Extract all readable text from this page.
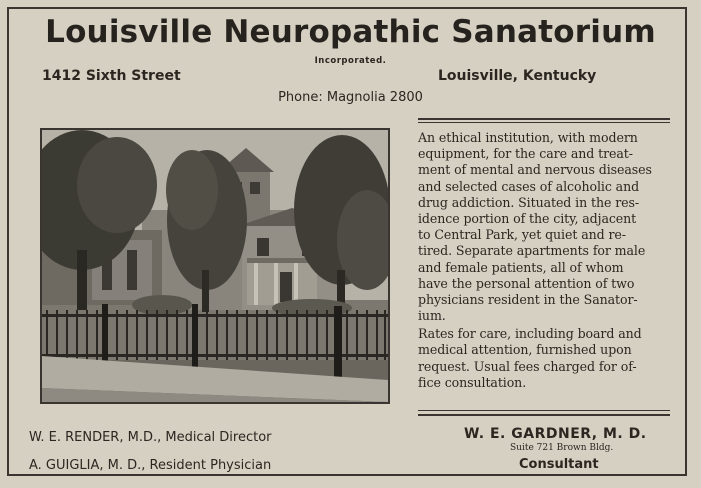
Louisville Neuropathic Sanatorium
Incorporated.
1412 Sixth Street	Louisville, Kentucky
Phone: Magnolia 2800
An ethical institution, with modern
equipment, for the care and treat-
ment of mental and nervous diseases
and selected cases of alcoholic and
drug addiction. Situated in the res-
idence portion of the city, adjacent
to Central Park, yet quiet and re-
tired. Separate apartments for male
and female patients, all of whom
have the personal attention of two
physicians resident in the Sanator-
ium.
Rates for care, including board and
medical attention, furnished upon
request. Usual fees charged for of-
fice consultation.
W. E. RENDER, M.D., Medical Director
A. GUIGLIA, M. D., Resident Physician
W. E. GARDNER, M. D.
Suite 721 Brown Bldg.
Consultant
